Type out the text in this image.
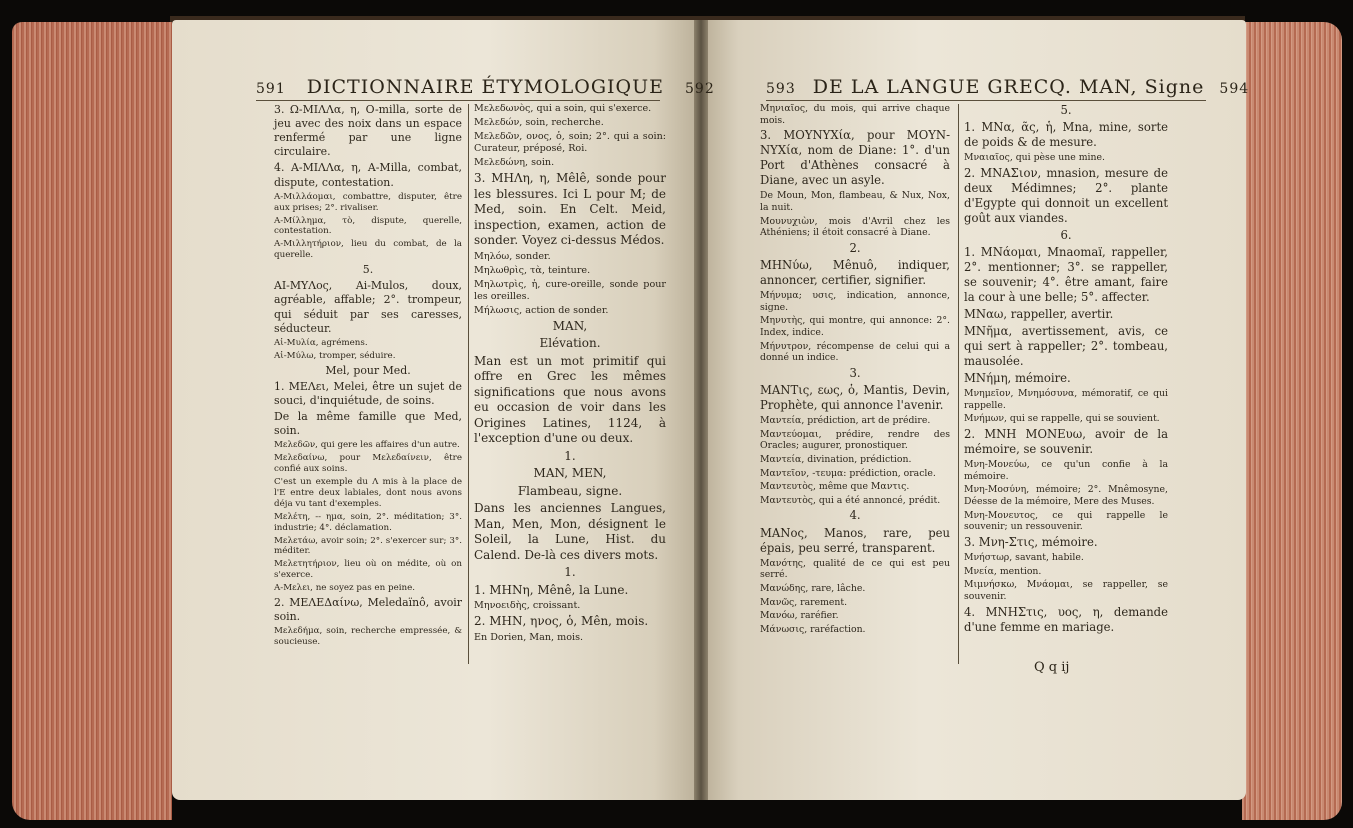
591 DICTIONNAIRE ÉTYMOLOGIQUE 592

3. Ω-ΜΙΛΛα, η, O-milla, sorte de jeu avec des noix dans un espace renfermé par une ligne circulaire.

4. Α-ΜΙΛΛα, η, A-Milla, combat, dispute, contestation.

Α-Μιλλάομαι, combattre, disputer, être aux prises; 2°. rivaliser.

Α-Μίλλημα, τὸ, dispute, querelle, contestation.

Α-Μιλλητήριον, lieu du combat, de la querelle.

5.

ΑΙ-ΜΥΛος, Ai-Mulos, doux, agréable, affable; 2°. trompeur, qui séduit par ses caresses, séducteur.

Αἱ-Μυλία, agrémens.

Αἱ-Μύλω, tromper, séduire.

Mel, pour Med.

1. ΜΕΛει, Melei, être un sujet de souci, d'inquiétude, de soins.

De la même famille que Med, soin.

Μελεδῶν, qui gere les affaires d'un autre.

Μελεδαίνω, pour Μελεδαίνειν, être confié aux soins.

C'est un exemple du Λ mis à la place de l'Ε entre deux labiales, dont nous avons déja vu tant d'exemples.

Μελέτη, -- ημα, soin, 2°. méditation; 3°. industrie; 4°. déclamation.

Μελετάω, avoir soin; 2°. s'exercer sur; 3°. méditer.

Μελετητήριον, lieu où on médite, où on s'exerce.

Α-Μελει, ne soyez pas en peine.

2. ΜΕΛΕΔαίνω, Meledaïnô, avoir soin.

Μελεδήμα, soin, recherche empressée, & soucieuse.

Μελεδωνὸς, qui a soin, qui s'exerce.

Μελεδών, soin, recherche.

Μελεδῶν, ονος, ὁ, soin; 2°. qui a soin: Curateur, préposé, Roi.

Μελεδώνη, soin.

3. ΜΗΛη, η, Mêlê, sonde pour les blessures. Ici L pour M; de Med, soin. En Celt. Meid, inspection, examen, action de sonder. Voyez ci-dessus Médos.

Μηλόω, sonder.

Μηλωθρὶς, τὰ, teinture.

Μηλωτρὶς, ἡ, cure-oreille, sonde pour les oreilles.

Μήλωσις, action de sonder.

MAN,

Elévation.

Man est un mot primitif qui offre en Grec les mêmes significations que nous avons eu occasion de voir dans les Origines Latines, 1124, à l'exception d'une ou deux.

1.

MAN, MEN,

Flambeau, signe.

Dans les anciennes Langues, Man, Men, Mon, désignent le Soleil, la Lune, Hist. du Calend. De-là ces divers mots.

1.

1. ΜΗΝη, Mênê, la Lune.

Μηνοειδὴς, croissant.

2. ΜΗΝ, ηνος, ὁ, Mên, mois.

En Dorien, Man, mois.

593 DE LA LANGUE GRECQ. MAN, Signe 594

Μηνιαῖος, du mois, qui arrive chaque mois.

3. ΜΟΥΝΥΧία, pour ΜΟΥΝ-ΝΥΧία, nom de Diane: 1°. d'un Port d'Athènes consacré à Diane, avec un asyle.

De Moun, Mon, flambeau, & Nux, Nox, la nuit.

Μουνυχιὼν, mois d'Avril chez les Athéniens; il étoit consacré à Diane.

2.

ΜΗΝύω, Mênuô, indiquer, annoncer, certifier, signifier.

Μήνυμα; υσις, indication, annonce, signe.

Μηνυτὴς, qui montre, qui annonce: 2°. Index, indice.

Μήνυτρον, récompense de celui qui a donné un indice.

3.

ΜΑΝΤις, εως, ὁ, Mantis, Devin, Prophète, qui annonce l'avenir.

Μαντεία, prédiction, art de prédire.

Μαντεύομαι, prédire, rendre des Oracles; augurer, pronostiquer.

Μαντεία, divination, prédiction.

Μαντεῖον, -τευμα: prédiction, oracle.

Μαντευτὸς, même que Μαντις.

Μαντευτὸς, qui a été annoncé, prédit.

4.

ΜΑΝος, Manos, rare, peu épais, peu serré, transparent.

Μανότης, qualité de ce qui est peu serré.

Μανώδης, rare, lâche.

Μανῶς, rarement.

Μανόω, raréfier.

Μάνωσις, raréfaction.

5.

1. ΜΝα, ᾶς, ἡ, Mna, mine, sorte de poids & de mesure.

Μναιαῖος, qui pèse une mine.

2. ΜΝΑΣιον, mnasion, mesure de deux Médimnes; 2°. plante d'Egypte qui donnoit un excellent goût aux viandes.

6.

1. ΜΝάομαι, Mnaomaï, rappeller, 2°. mentionner; 3°. se rappeller, se souvenir; 4°. être amant, faire la cour à une belle; 5°. affecter.

ΜΝαω, rappeller, avertir.

ΜΝῆμα, avertissement, avis, ce qui sert à rappeller; 2°. tombeau, mausolée.

ΜΝήμη, mémoire.

Μνημεῖον, Μνημόσυνα, mémoratif, ce qui rappelle.

Μνήμων, qui se rappelle, qui se souvient.

2. ΜΝΗ ΜΟΝΕυω, avoir de la mémoire, se souvenir.

Μνη-Μονεύω, ce qu'un confie à la mémoire.

Μνη-Μοσύνη, mémoire; 2°. Mnêmosyne, Déesse de la mémoire, Mere des Muses.

Μνη-Μονευτος, ce qui rappelle le souvenir; un ressouvenir.

3. Μνη-Στις, mémoire.

Μνήστωρ, savant, habile.

Μνεία, mention.

Μιμνήσκω, Μνάομαι, se rappeller, se souvenir.

4. ΜΝΗΣτις, υος, η, demande d'une femme en mariage.

Q q ij
